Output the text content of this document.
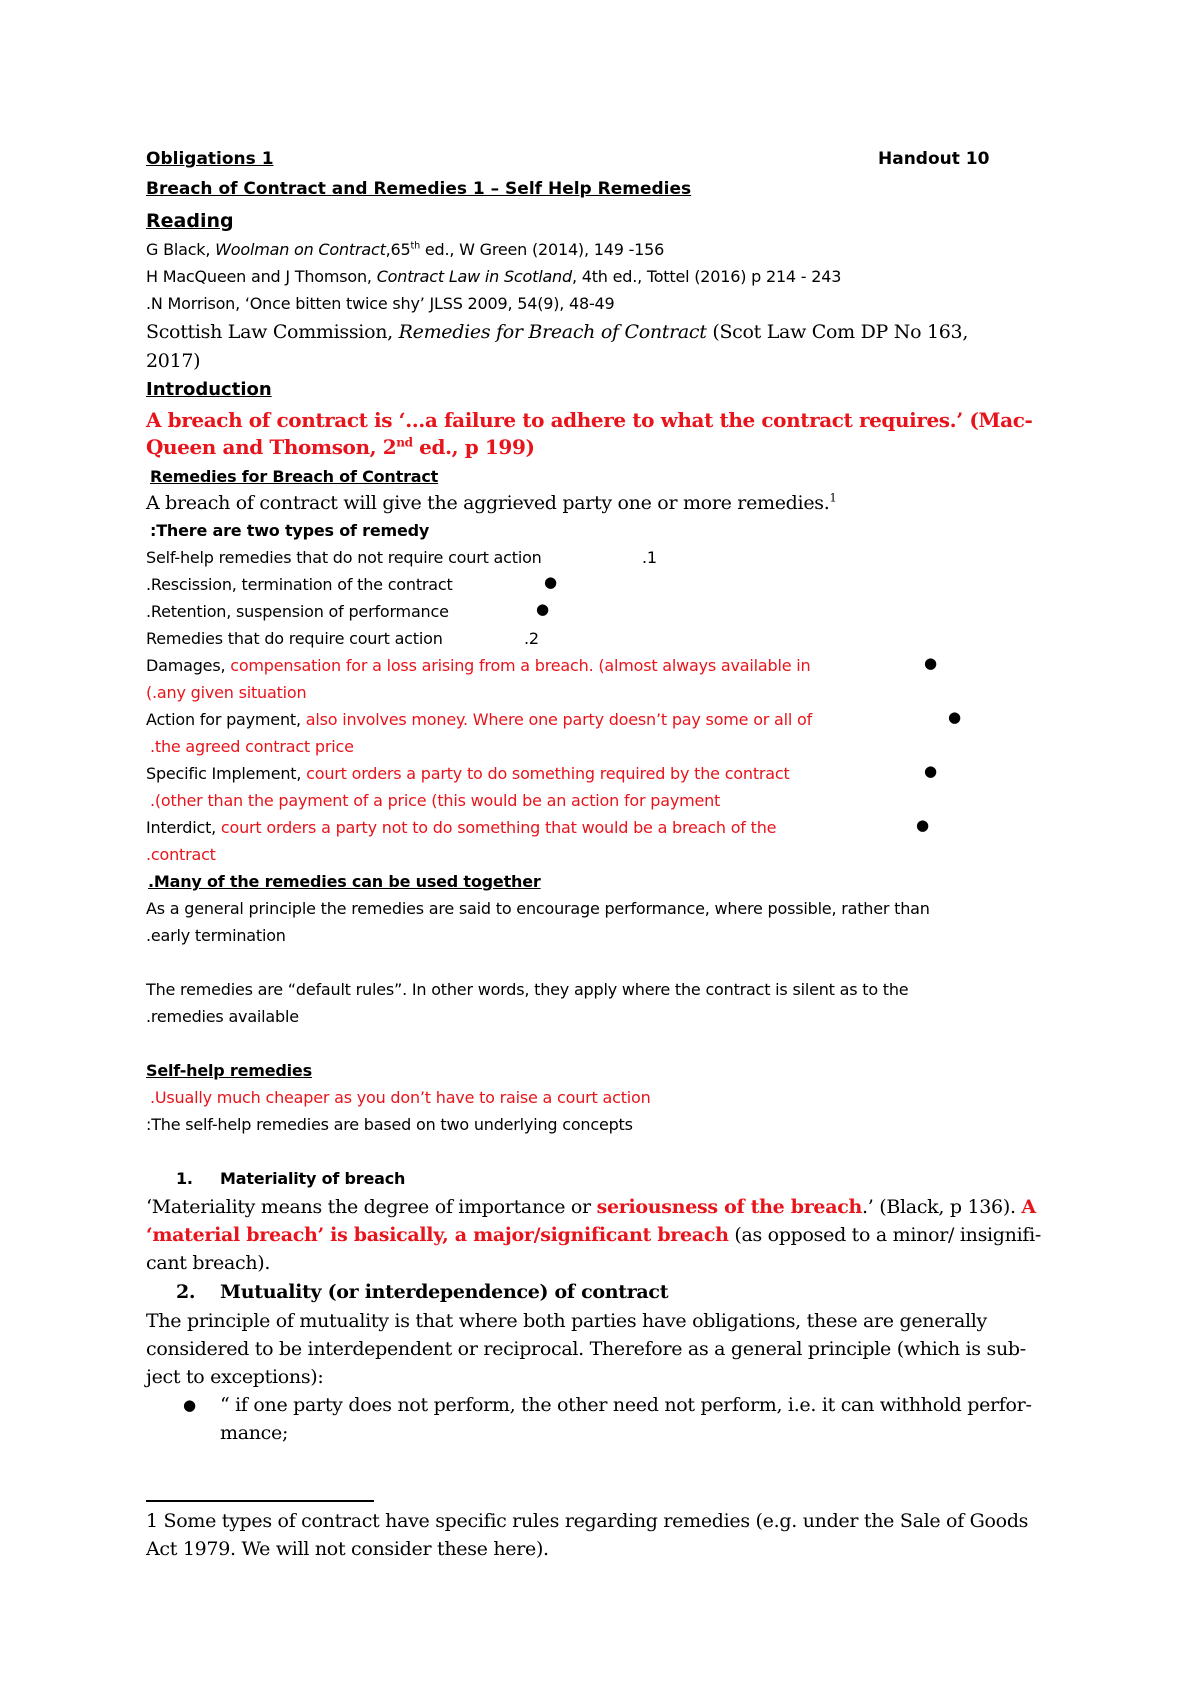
Obligations 1	Handout 10
Breach of Contract and Remedies 1 – Self Help Remedies
Reading
G Black, Woolman on Contract,65th ed., W Green (2014), 149 -156
H MacQueen and J Thomson, Contract Law in Scotland, 4th ed., Tottel (2016) p 214 - 243
.N Morrison, ‘Once bitten twice shy’ JLSS 2009, 54(9), 48-49
Scottish Law Commission, Remedies for Breach of Contract (Scot Law Com DP No 163,
2017)
Introduction
A breach of contract is ‘…a failure to adhere to what the contract requires.’ (Mac-
Queen and Thomson, 2nd ed., p 199)
Remedies for Breach of Contract
A breach of contract will give the aggrieved party one or more remedies.$^1$
:There are two types of remedy
Self-help remedies that do not require court action	.1
.Rescission, termination of the contract	●
.Retention, suspension of performance	●
Remedies that do require court action	.2
Damages, compensation for a loss arising from a breach. (almost always available in	●
(.any given situation
Action for payment, also involves money. Where one party doesn’t pay some or all of	●
.the agreed contract price
Specific Implement, court orders a party to do something required by the contract	●
.(other than the payment of a price (this would be an action for payment
Interdict, court orders a party not to do something that would be a breach of the	●
.contract
.Many of the remedies can be used together
As a general principle the remedies are said to encourage performance, where possible, rather than
.early termination
The remedies are “default rules”. In other words, they apply where the contract is silent as to the
.remedies available
Self-help remedies
.Usually much cheaper as you don’t have to raise a court action
:The self-help remedies are based on two underlying concepts
1. Materiality of breach
‘Materiality means the degree of importance or seriousness of the breach.’ (Black, p 136). A
‘material breach’ is basically, a major/significant breach (as opposed to a minor/ insignifi-
cant breach).
2. Mutuality (or interdependence) of contract
The principle of mutuality is that where both parties have obligations, these are generally
considered to be interdependent or reciprocal. Therefore as a general principle (which is sub-
ject to exceptions):
● “ if one party does not perform, the other need not perform, i.e. it can withhold perfor-
mance;
1 Some types of contract have specific rules regarding remedies (e.g. under the Sale of Goods
Act 1979. We will not consider these here).
